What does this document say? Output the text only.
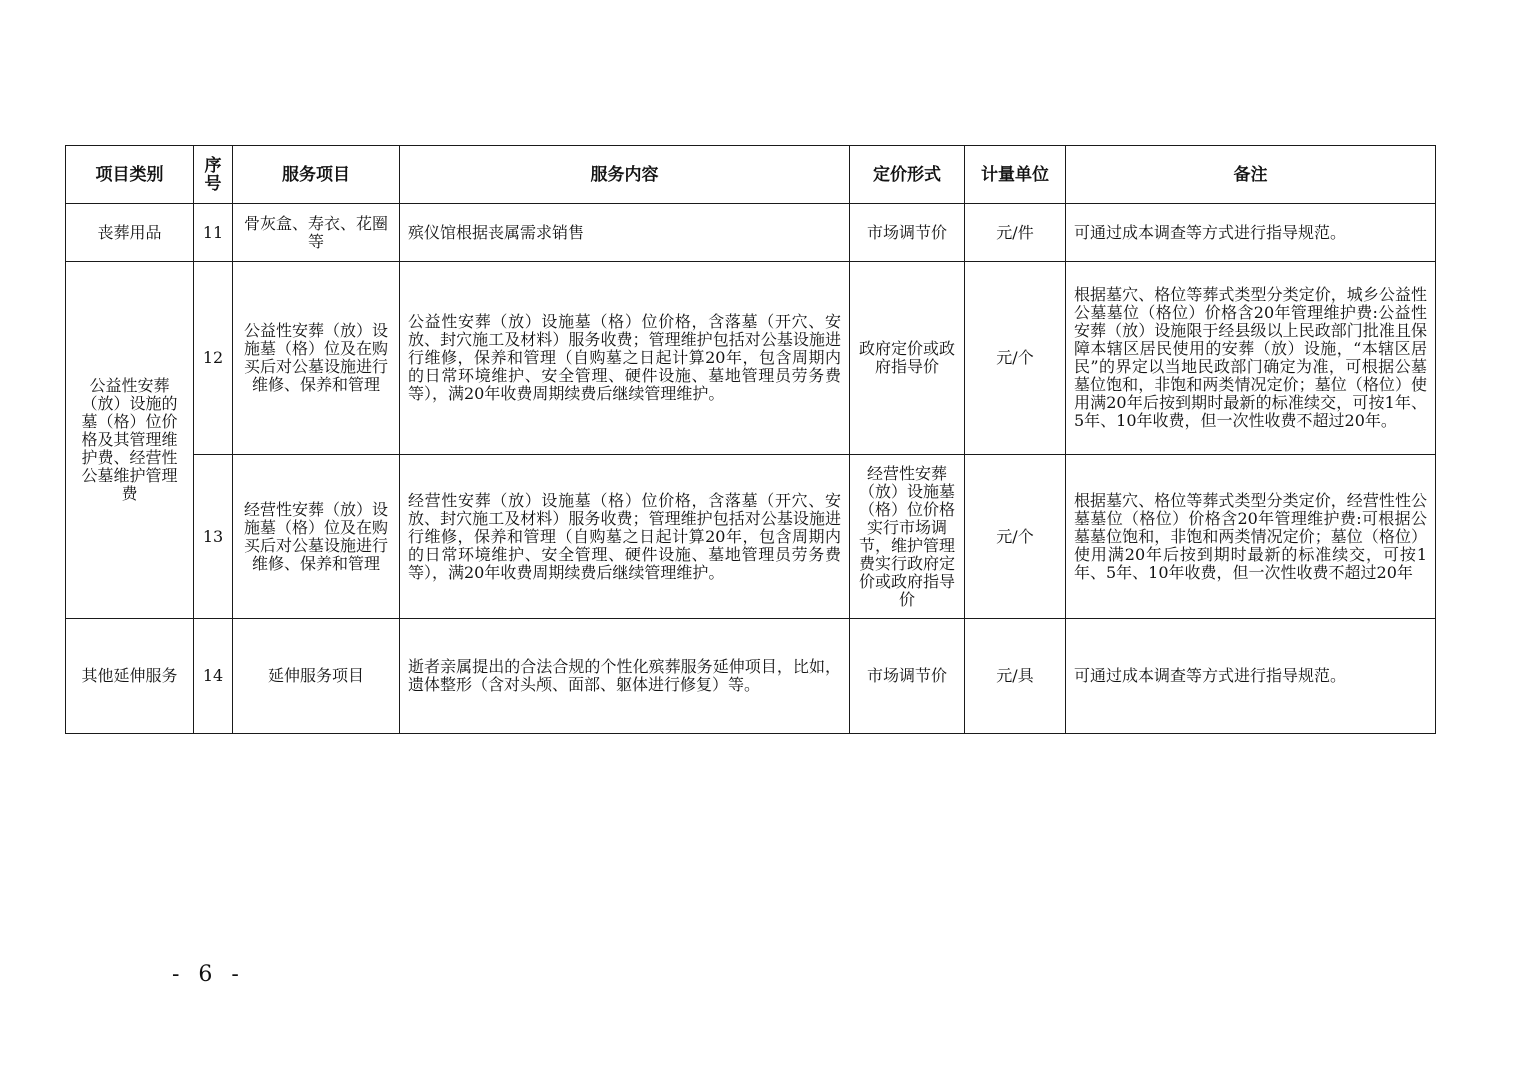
项目类别	序号	服务项目	服务内容	定价形式	计量单位	备注
丧葬用品	11	骨灰盒、寿衣、花圈等	殡仪馆根据丧属需求销售	市场调节价	元/件	可通过成本调查等方式进行指导规范。
公益性安葬（放）设施的墓（格）位价格及其管理维护费、经营性公墓维护管理费	12	公益性安葬（放）设施墓（格）位及在购买后对公墓设施进行维修、保养和管理	公益性安葬（放）设施墓（格）位价格，含落墓（开穴、安放、封穴施工及材料）服务收费；管理维护包括对公基设施进行维修，保养和管理（自购墓之日起计算20年，包含周期内的日常环境维护、安全管理、硬件设施、墓地管理员劳务费等），满20年收费周期续费后继续管理维护。	政府定价或政府指导价	元/个	根据墓穴、格位等葬式类型分类定价，城乡公益性公墓墓位（格位）价格含20年管理维护费:公益性安葬（放）设施限于经县级以上民政部门批准且保障本辖区居民使用的安葬（放）设施，“本辖区居民”的界定以当地民政部门确定为准，可根据公墓墓位饱和，非饱和两类情况定价；墓位（格位）使用满20年后按到期时最新的标准续交，可按1年、5年、10年收费，但一次性收费不超过20年。
	13	经营性安葬（放）设施墓（格）位及在购买后对公墓设施进行维修、保养和管理	经营性安葬（放）设施墓（格）位价格，含落墓（开穴、安放、封穴施工及材料）服务收费；管理维护包括对公基设施进行维修，保养和管理（自购墓之日起计算20年，包含周期内的日常环境维护、安全管理、硬件设施、墓地管理员劳务费等），满20年收费周期续费后继续管理维护。	经营性安葬（放）设施墓（格）位价格实行市场调节，维护管理费实行政府定价或政府指导价	元/个	根据墓穴、格位等葬式类型分类定价，经营性性公墓墓位（格位）价格含20年管理维护费:可根据公墓墓位饱和，非饱和两类情况定价；墓位（格位）使用满20年后按到期时最新的标准续交，可按1年、5年、10年收费，但一次性收费不超过20年
其他延伸服务	14	延伸服务项目	逝者亲属提出的合法合规的个性化殡葬服务延伸项目，比如，遗体整形（含对头颅、面部、躯体进行修复）等。	市场调节价	元/具	可通过成本调查等方式进行指导规范。
- 6 -
